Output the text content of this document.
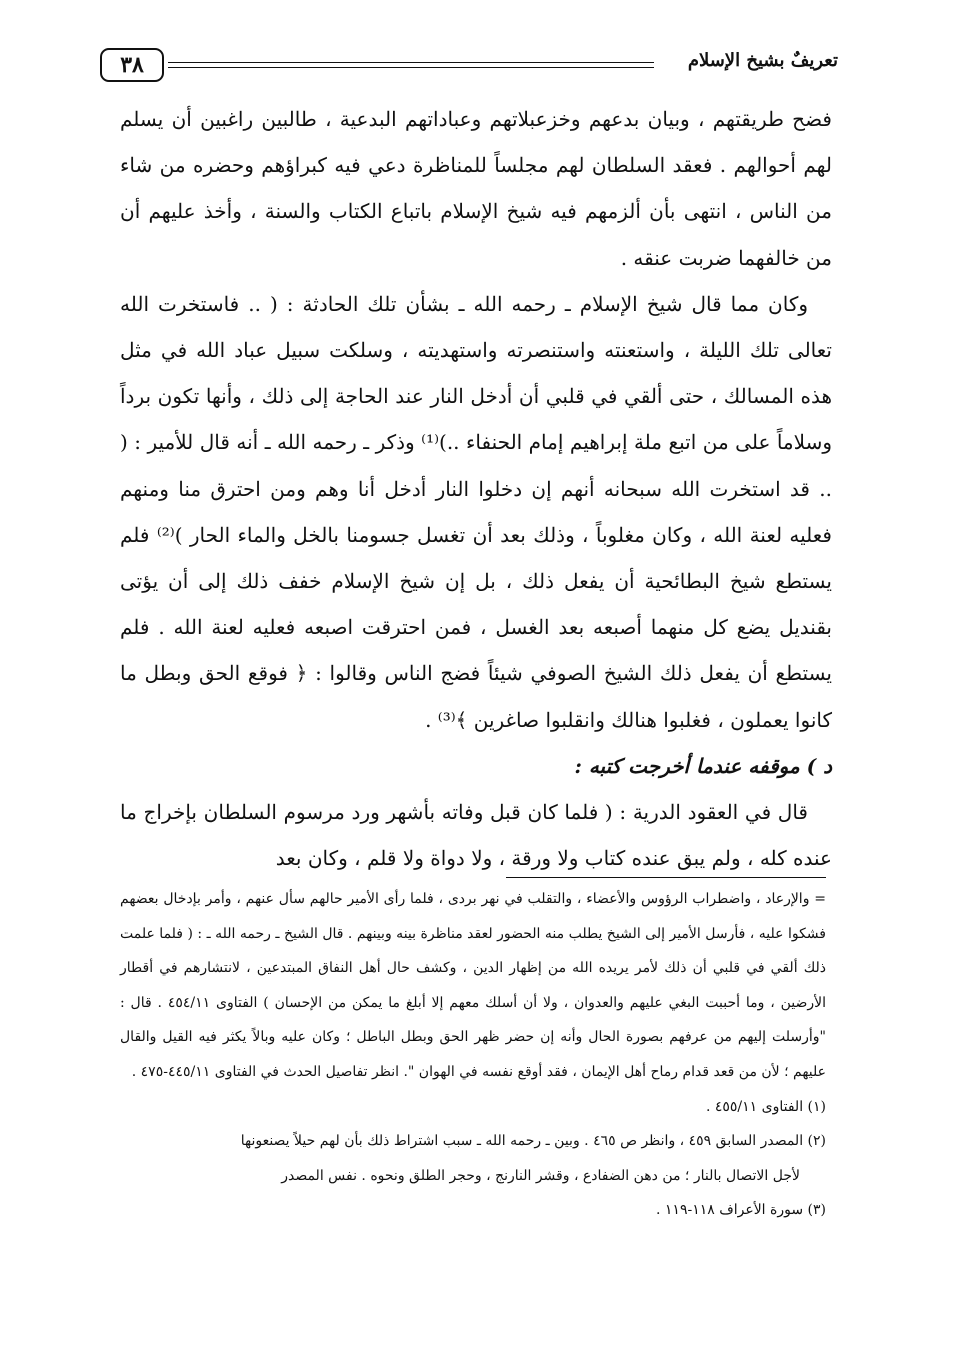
٣٨	تعريفٌ بشيخ الإسلام

فضح طريقتهم ، وبيان بدعهم وخزعبلاتهم وعباداتهم البدعية ، طالبين راغبين أن يسلم لهم أحوالهم . فعقد السلطان لهم مجلساً للمناظرة دعي فيه كبراؤهم وحضره من شاء من الناس ، انتهى بأن ألزمهم فيه شيخ الإسلام باتباع الكتاب والسنة ، وأخذ عليهم أن من خالفهما ضربت عنقه .

وكان مما قال شيخ الإسلام ـ رحمه الله ـ بشأن تلك الحادثة : ( .. فاستخرت الله تعالى تلك الليلة ، واستعنته واستنصرته واستهديته ، وسلكت سبيل عباد الله في مثل هذه المسالك ، حتى ألقي في قلبي أن أدخل النار عند الحاجة إلى ذلك ، وأنها تكون برداً وسلاماً على من اتبع ملة إبراهيم إمام الحنفاء ..)⁽¹⁾ وذكر ـ رحمه الله ـ أنه قال للأمير : ( .. قد استخرت الله سبحانه أنهم إن دخلوا النار أدخل أنا وهم ومن احترق منا ومنهم فعليه لعنة الله ، وكان مغلوباً ، وذلك بعد أن تغسل جسومنا بالخل والماء الحار )⁽²⁾ فلم يستطع شيخ البطائحية أن يفعل ذلك ، بل إن شيخ الإسلام خفف ذلك إلى أن يؤتى بقنديل يضع كل منهما أصبعه بعد الغسل ، فمن احترقت اصبعه فعليه لعنة الله . فلم يستطع أن يفعل ذلك الشيخ الصوفي شيئاً فضج الناس وقالوا : ﴿ فوقع الحق وبطل ما كانوا يعملون ، فغلبوا هنالك وانقلبوا صاغرين ﴾⁽³⁾ .

د ) موقفه عندما أخرجت كتبه :

قال في العقود الدرية : ( فلما كان قبل وفاته بأشهر ورد مرسوم السلطان بإخراج ما عنده كله ، ولم يبق عنده كتاب ولا ورقة ، ولا دواة ولا قلم ، وكان بعد

= والإرعاد ، واضطراب الرؤوس والأعضاء ، والتقلب في نهر بردى ، فلما رأى الأمير حالهم سأل عنهم ، وأمر بإدخال بعضهم فشكوا عليه ، فأرسل الأمير إلى الشيخ يطلب منه الحضور لعقد مناظرة بينه وبينهم . قال الشيخ ـ رحمه الله ـ : ( فلما علمت ذلك ألقي في قلبي أن ذلك لأمر يريده الله من إظهار الدين ، وكشف حال أهل النفاق المبتدعين ، لانتشارهم في أقطار الأرضين ، وما أحببت البغي عليهم والعدوان ، ولا أن أسلك معهم إلا أبلغ ما يمكن من الإحسان ) الفتاوى ٤٥٤/١١ . قال : "وأرسلت إليهم من عرفهم بصورة الحال وأنه إن حضر ظهر الحق وبطل الباطل ؛ وكان عليه وبالاً يكثر فيه القيل والقال عليهم ؛ لأن من قعد قدام رماح أهل الإيمان ، فقد أوقع نفسه في الهوان ". انظر تفاصيل الحدث في الفتاوى ٤٤٥/١١-٤٧٥ .

(١) الفتاوى ٤٥٥/١١ .

(٢) المصدر السابق ٤٥٩ ، وانظر ص ٤٦٥ . وبين ـ رحمه الله ـ سبب اشتراط ذلك بأن لهم حيلاً يصنعونها

لأجل الاتصال بالنار ؛ من دهن الضفادع ، وقشر النارنج ، وحجر الطلق ونحوه . نفس المصدر

(٣) سورة الأعراف ١١٨-١١٩ .
